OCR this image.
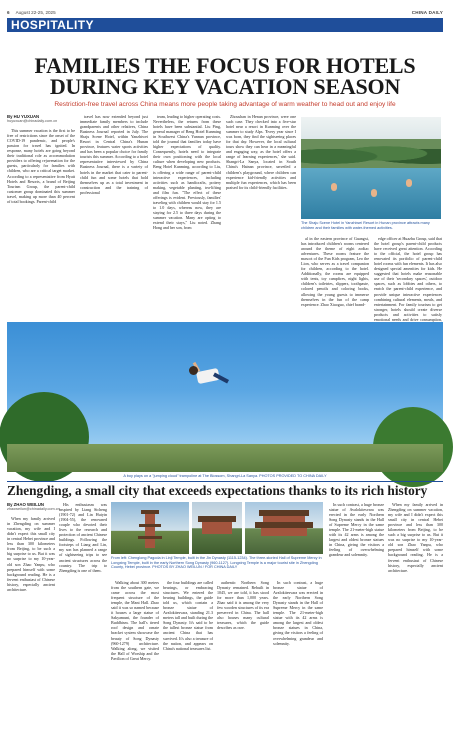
6 August 22-25, 2025	CHINA DAILY
HOSPITALITY
FAMILIES THE FOCUS FOR HOTELS
DURING KEY VACATION SEASON
Restriction-free travel across China means more people taking advantage of warm weather to head out and enjoy life
By HU YUXUAN
huyuxuan@chinadaily.com.cn

This summer vacation is the first to be free of restrictions since the onset of the COVID-19 pandemic, and people's passion for travel has ignited. In response, many hotels are going beyond their traditional role as accommodation providers to offering rejuvenation for the guests, particularly for families with children, who are a critical target market. According to a representative from Hyatt Hotels and Resorts, a brand of Beijing Tourism Group, the parent-child customer group dominated this summer travel, making up more than 40 percent of total bookings. Parent-child

travel has now extended beyond just immediate family members to include grandparents and other relatives, China Business Journal reported in July. The Shaju Scene Hotel, within Yanzhiwei Resort in Central China's Hunan province, features water sports activities and has been a popular choice for family tourists this summer. According to a hotel representative interviewed by China Business Journal, there is a variety of hotels in the market that cater to parent-child fun and some hotels that hold themselves up as a total investment in construction and the training of professional

team, leading to higher operating costs. Nevertheless, the returns from these hotels have been substantial. Liu Ping, general manager of Beng Hotel Kunming in Southwest China's Yunnan province, told the journal that families today have higher expectations of quality. Consequently, hotels need to integrate their own positioning with the local culture when developing new products. Beng Hotel Kunming, according to Liu, is offering a wide range of parent-child interactive experiences, including activities such as handicrafts, pottery making, vegetable planting, tea-lifting and film fun. "The effect of these offerings is evident. Previously, families' traveling with children would stay for 1.5 to 1.0 days, whereas now, they are staying for 2.5 to three days during the summer vacation. Many are opting to extend their stays," Liu noted. Zhang Hong and her son, from

Zhoushan in Henan province, were one such case. They checked into a five-star hotel near a resort in Kunming over the summer to study Alps. 'Every year since I was born, they find the sightseeing places for that day. However, the local cultural tours show they can hear in a meaningful and engaging way, as the hotel offers a range of learning experiences,' she said. Shangri-La Sanya, located in South China's Hainan province, unveiled a children's playground, where children can experience kid-friendly activities and multiple fun experiences, which has been praised for its child-friendly facilities.

The Shaju Scene Hotel in Yanzhiwei Resort in Hunan province attracts many children and their families with water-themed activities.

al in the eastern province of Guangxi, has introduced children's rooms centered around the theme of eight zodiac adventures. These rooms feature the mascot of the Fun Kids program, Leo the Lion, who serves as a travel companion for children, according to the hotel. Additionally, the rooms are equipped with tents, toy campfires, night lights, children's toiletries, slippers, toothpaste, colored pencils and coloring books, allowing the young guests to immerse themselves in the fun of the camp experience. Zhao Xiaoguo, chief brand-

edge officer at Huazhu Group, said that the hotel group's parent-child products have received great attention. According to the official, the hotel group has renovated its portfolio of parent-child hotel rooms with fun elements. It has also designed special amenities for kids. He suggested that hotels make reasonable use of their 'secondary spaces', outdoor spaces, such as lobbies and others, to enrich the parent-child experience, and provide unique interactive experiences combining cultural elements, meals, and entertainment. For family tourism to get stronger, hotels should create diverse products and activities to satisfy emotional needs and drive consumption,

A boy plays on a "jumping cloud" trampoline at The Blossom, Shangri-La Sanya. PHOTOS PROVIDED TO CHINA DAILY
Zhengding, a small city that exceeds expectations thanks to its rich history
By ZHAO WEILUN
zhaoweilun@chinadaily.com.cn

When my family arrived in Zhengding on summer vacation, my wife and I didn't expect this small city in central Hebei province and less than 300 kilometers from Beijing, to be such a big surprise to us. But it was no surprise to my 10-year-old son Zhao Yanpu, who prepared himself with some background reading. He is a fervent enthusiast of Chinese history, especially ancient architecture.

His enthusiasm was inspired by Liang Sicheng (1901-72) and Lin Huiyin (1904-55), the renowned couple who devoted their lives to the research and protection of ancient Chinese buildings. Following the footsteps of Liang and Lin, my son has planned a range of sightseeing trips to see ancient structures across the country. The trip to Zhengding is one of them.

From left: Chenglong Pagoda in Linji Temple, built in the Jin Dynasty (1115-1234). The three-storied Hall of Supreme Mercy in Longxing Temple, built in the early Northern Song Dynasty (960-1127). Longxing Temple is a major tourist site in Zhengding County, Hebei province. PHOTOS BY ZHAO WEILUN / FOR CHINA DAILY

Walking about 300 meters from the southern gate, we came across the most frequent structure of the temple, the Mani Hall. Zhao said it was so named because it houses a large statue of Sakyamuni, the founder of Buddhism. The hall's tiered roof design and ornate bracket system showcase the beauty of Song Dynasty (960-1279) architecture. Walking along, we visited the Hall of Worship and the Pavilion of Great Mercy.

the four buildings are called bearings, or embracing structures. We entered the bearing buildings, the guide told us, which contain a bronze statue of Avalokitesvara, standing 21.3 meters tall and built during the Song Dynasty. It's said to be the tallest bronze statue from ancient China that has survived. It's also a treasure of the nation, and appears on China's national treasures list.

authentic Northern Song Dynasty remained. Rebuilt in 1045, we are told, it has stood for more than 1,000 years. Zhao said it is among the very few wooden structures of its era preserved in China. The hall also houses many cultural treasures, which the guide describes as rare.

In such contrast, a huge bronze statue of Avalokitesvara was erected in the early Northern Song Dynasty stands in the Hall of Supreme Mercy in the same temple. The 21-meter-high statue with its 42 arms is among the largest and oldest bronze statues in China, giving the visitors a feeling of overwhelming grandeur and solemnity.

In such contrast, a huge bronze statue of Avalokitesvara was erected in the early Northern Song Dynasty stands in the Hall of Supreme Mercy in the same temple. The 21-meter-high statue with its 42 arms is among the largest and oldest bronze statues in China, giving the visitors a feeling of overwhelming grandeur and solemnity.

When my family arrived in Zhengding on summer vacation, my wife and I didn't expect this small city in central Hebei province and less than 300 kilometers from Beijing, to be such a big surprise to us. But it was no surprise to my 10-year-old son Zhao Yanpu, who prepared himself with some background reading. He is a fervent enthusiast of Chinese history, especially ancient architecture.
